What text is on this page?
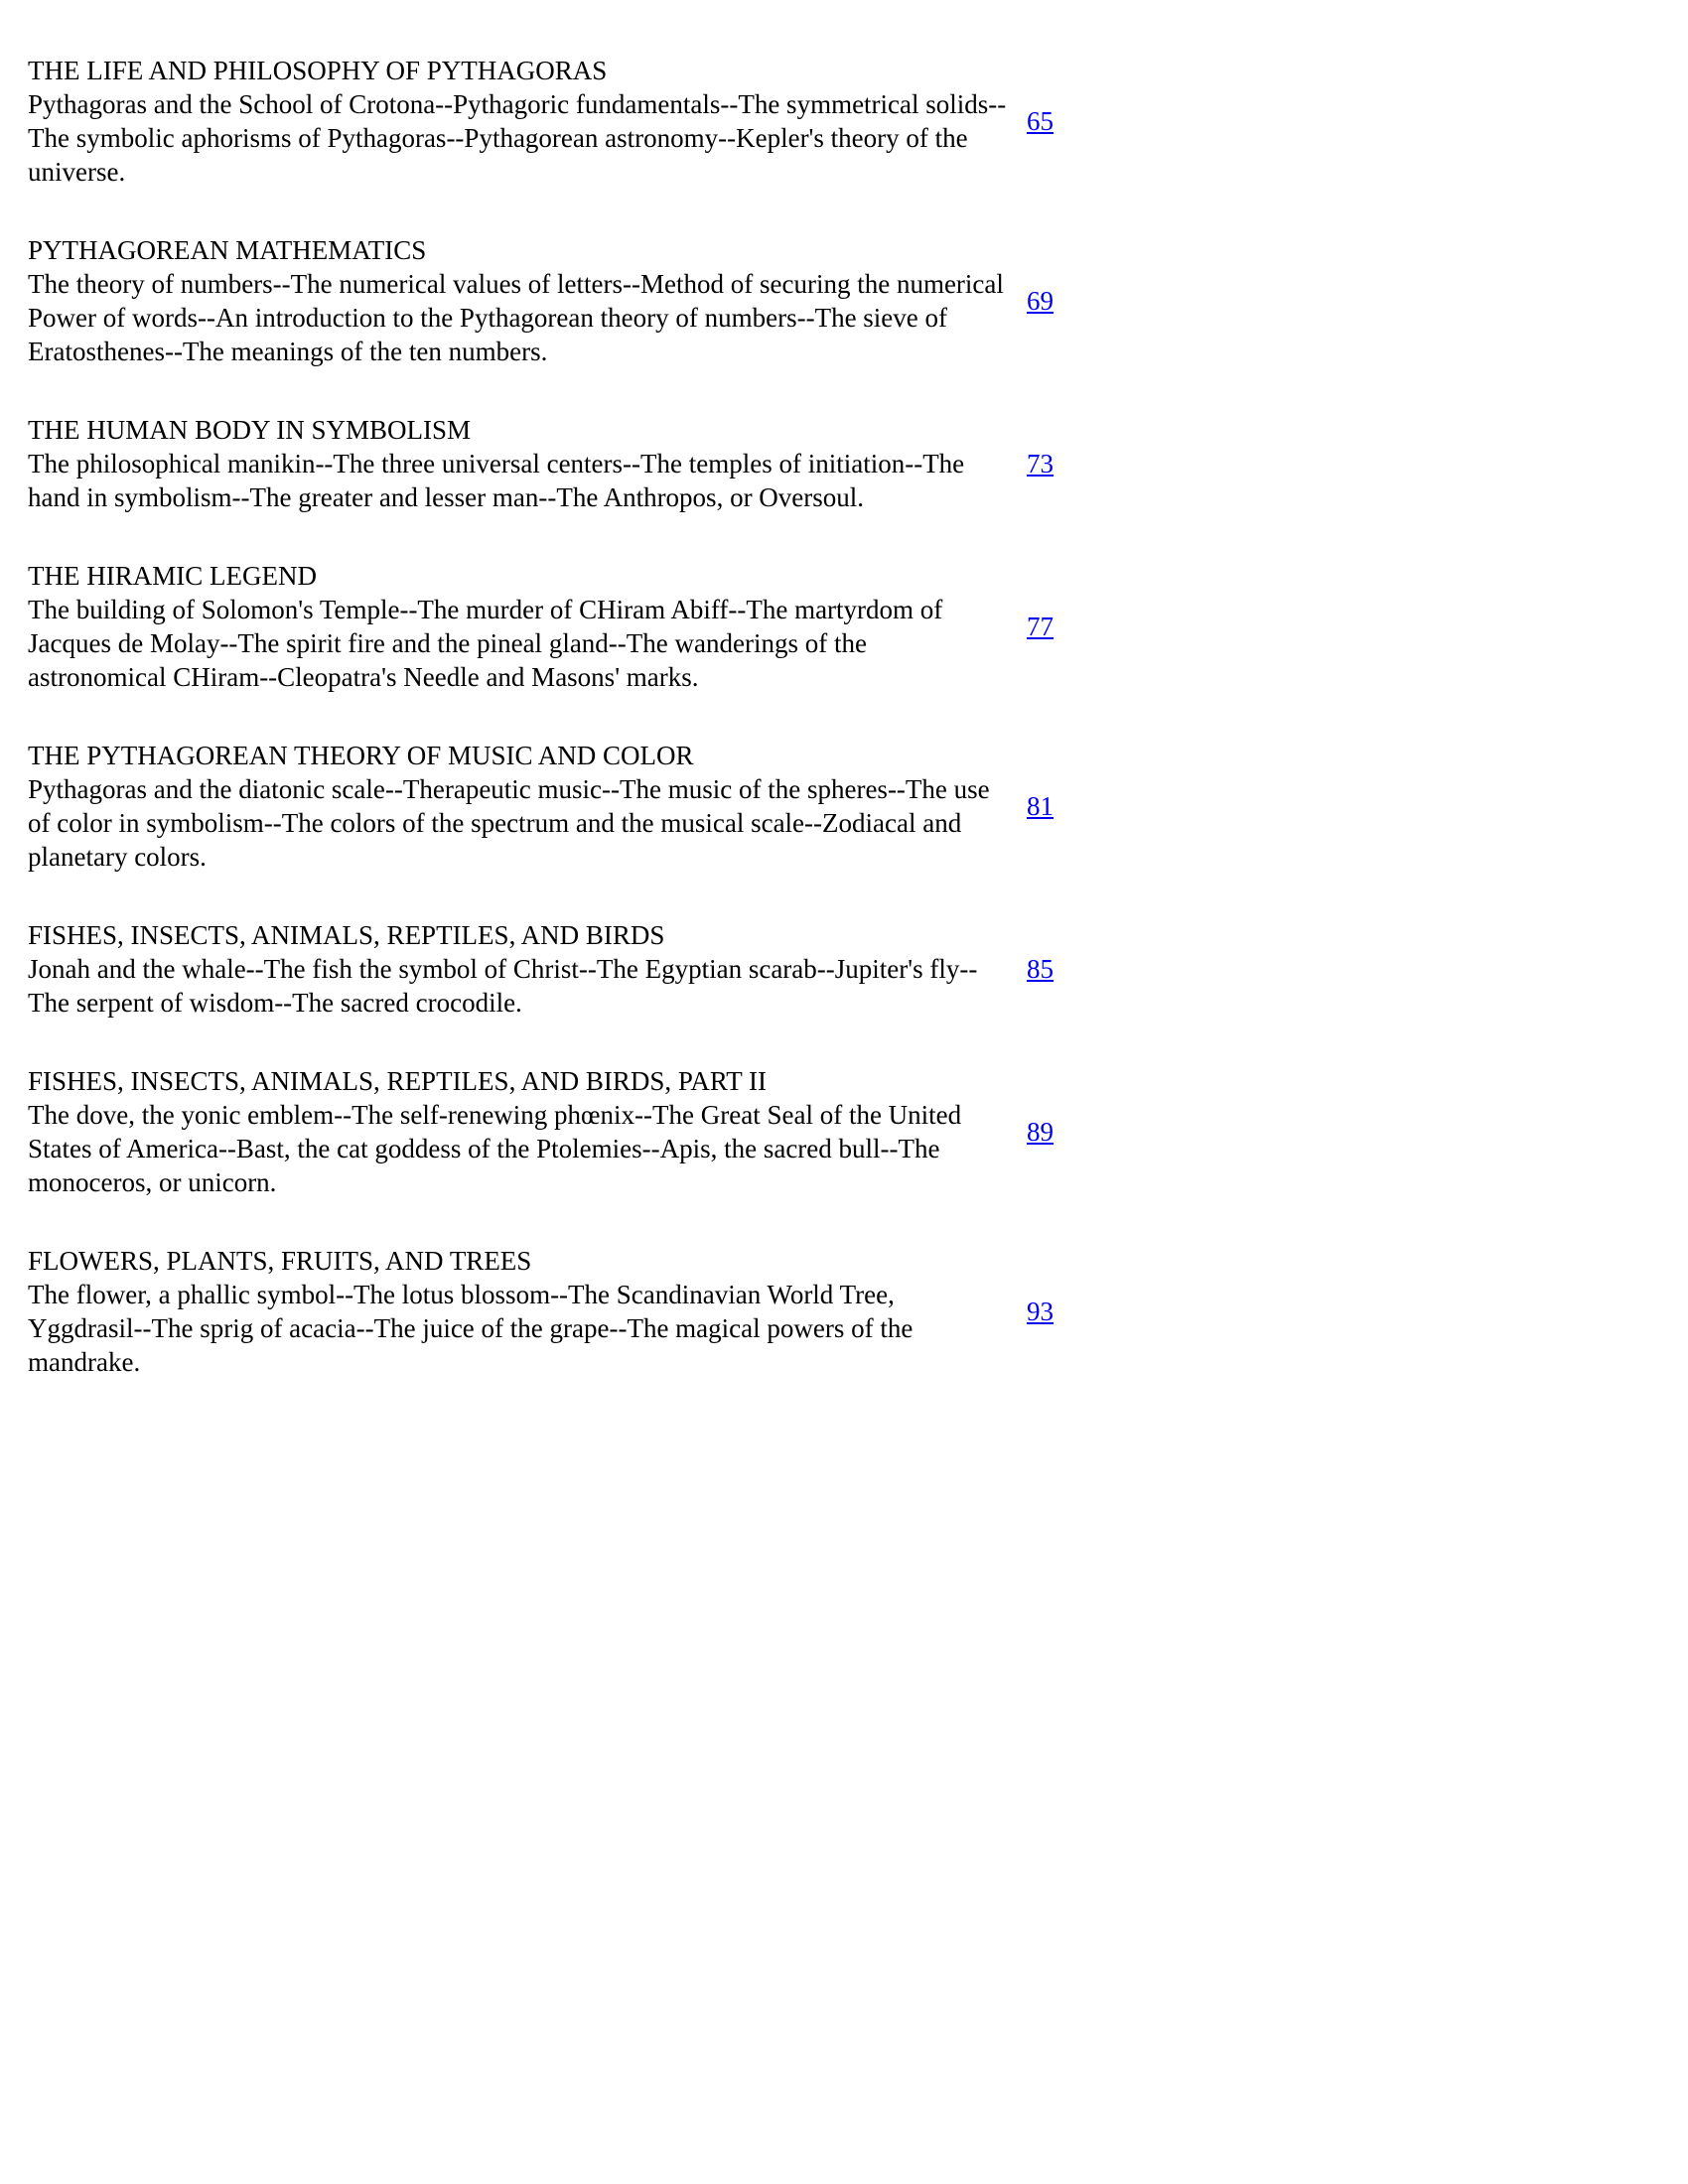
THE LIFE AND PHILOSOPHY OF PYTHAGORAS
Pythagoras and the School of Crotona--Pythagoric fundamentals--The symmetrical solids--The symbolic aphorisms of Pythagoras--Pythagorean astronomy--Kepler's theory of the universe.
65
PYTHAGOREAN MATHEMATICS
The theory of numbers--The numerical values of letters--Method of securing the numerical Power of words--An introduction to the Pythagorean theory of numbers--The sieve of Eratosthenes--The meanings of the ten numbers.
69
THE HUMAN BODY IN SYMBOLISM
The philosophical manikin--The three universal centers--The temples of initiation--The hand in symbolism--The greater and lesser man--The Anthropos, or Oversoul.
73
THE HIRAMIC LEGEND
The building of Solomon's Temple--The murder of CHiram Abiff--The martyrdom of Jacques de Molay--The spirit fire and the pineal gland--The wanderings of the astronomical CHiram--Cleopatra's Needle and Masons' marks.
77
THE PYTHAGOREAN THEORY OF MUSIC AND COLOR
Pythagoras and the diatonic scale--Therapeutic music--The music of the spheres--The use of color in symbolism--The colors of the spectrum and the musical scale--Zodiacal and planetary colors.
81
FISHES, INSECTS, ANIMALS, REPTILES, AND BIRDS
Jonah and the whale--The fish the symbol of Christ--The Egyptian scarab--Jupiter's fly--The serpent of wisdom--The sacred crocodile.
85
FISHES, INSECTS, ANIMALS, REPTILES, AND BIRDS, PART II
The dove, the yonic emblem--The self-renewing phœnix--The Great Seal of the United States of America--Bast, the cat goddess of the Ptolemies--Apis, the sacred bull--The monoceros, or unicorn.
89
FLOWERS, PLANTS, FRUITS, AND TREES
The flower, a phallic symbol--The lotus blossom--The Scandinavian World Tree, Yggdrasil--The sprig of acacia--The juice of the grape--The magical powers of the mandrake.
93
